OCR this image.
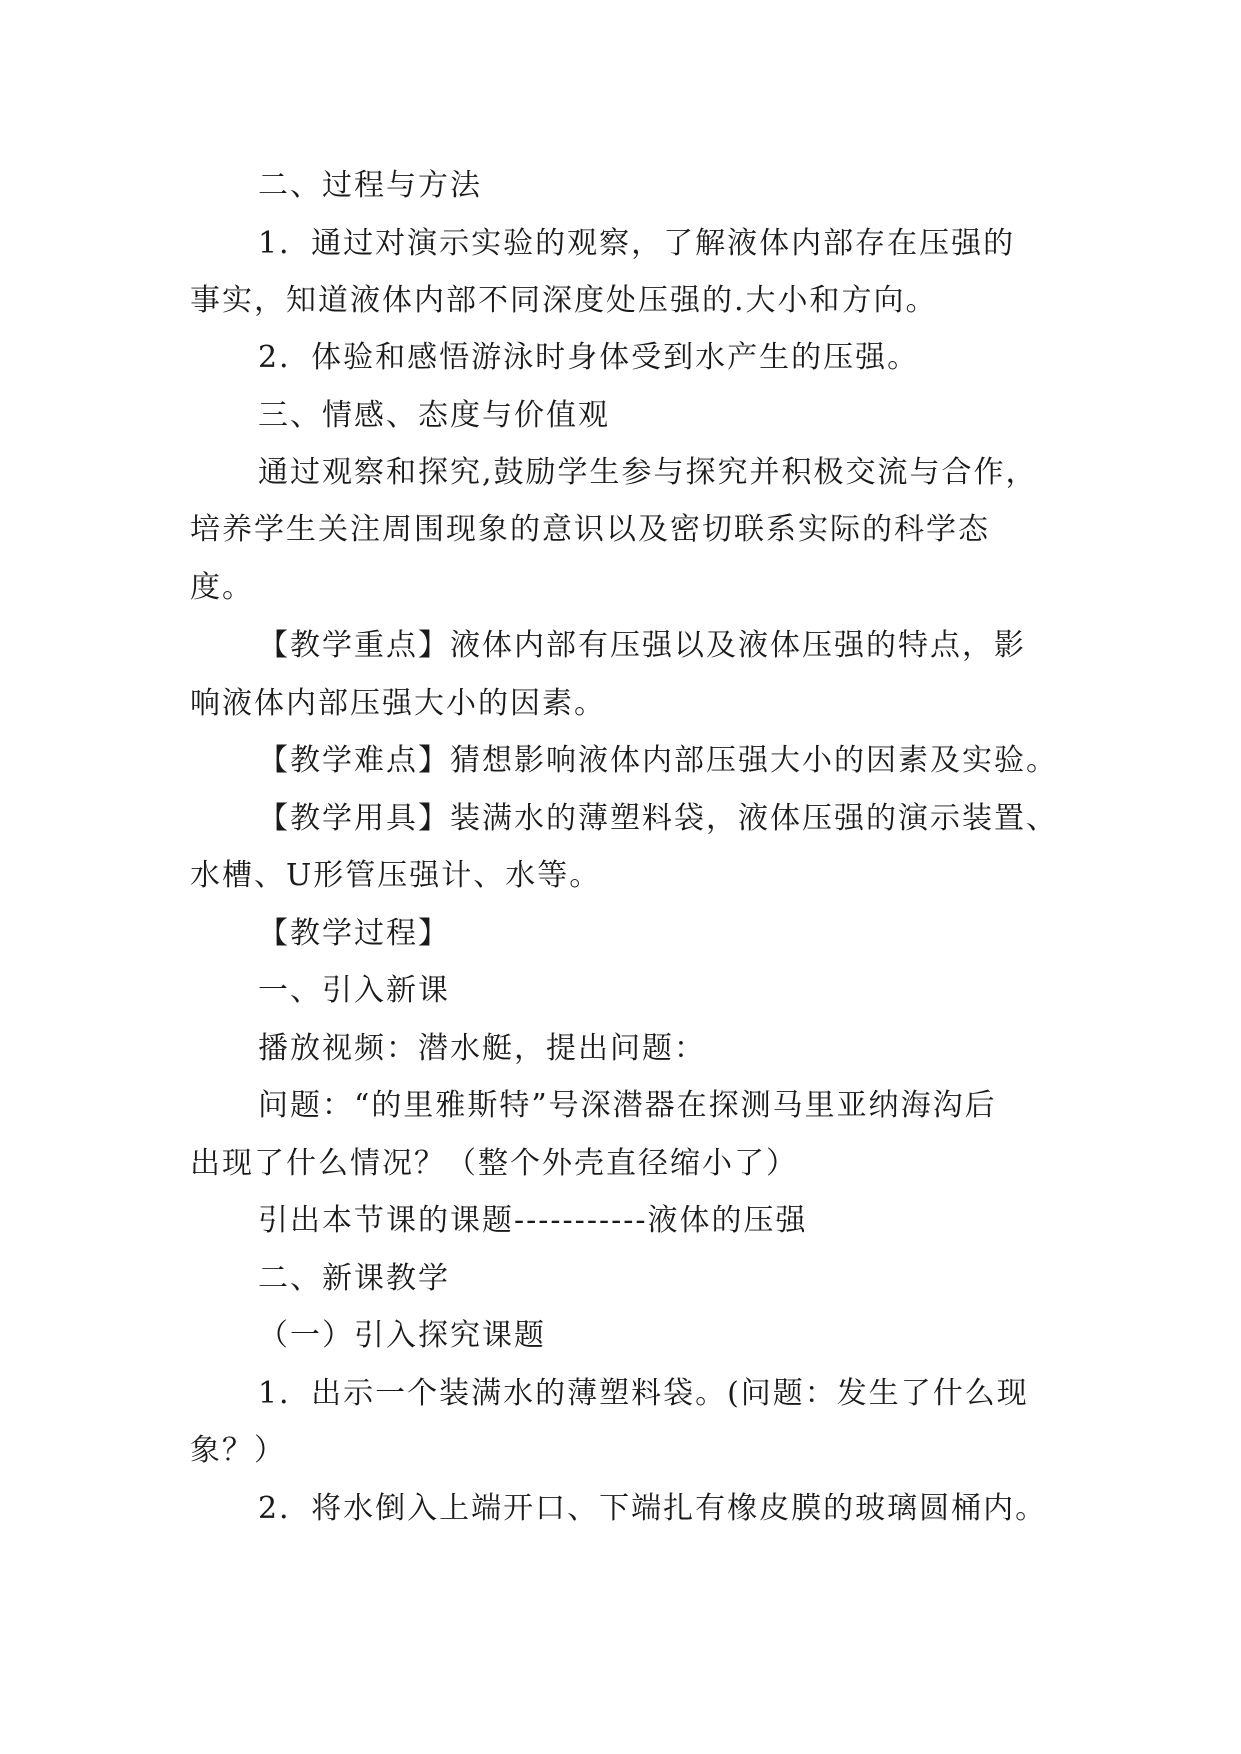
二、过程与方法
1．通过对演示实验的观察，了解液体内部存在压强的
事实，知道液体内部不同深度处压强的.大小和方向。
2．体验和感悟游泳时身体受到水产生的压强。
三、情感、态度与价值观
通过观察和探究,鼓励学生参与探究并积极交流与合作，
培养学生关注周围现象的意识以及密切联系实际的科学态
度。
【教学重点】液体内部有压强以及液体压强的特点，影
响液体内部压强大小的因素。
【教学难点】猜想影响液体内部压强大小的因素及实验。
【教学用具】装满水的薄塑料袋，液体压强的演示装置、
水槽、U形管压强计、水等。
【教学过程】
一、引入新课
播放视频：潜水艇，提出问题：
问题：“的里雅斯特”号深潜器在探测马里亚纳海沟后
出现了什么情况？（整个外壳直径缩小了）
引出本节课的课题-----------液体的压强
二、新课教学
（一）引入探究课题
1．出示一个装满水的薄塑料袋。(问题：发生了什么现
象？）
2．将水倒入上端开口、下端扎有橡皮膜的玻璃圆桶内。
